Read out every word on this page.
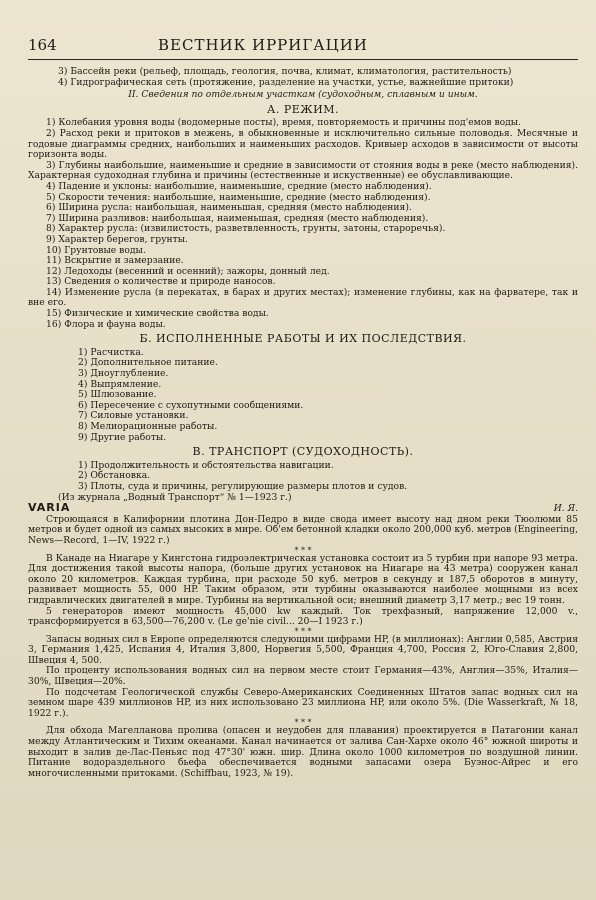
164	ВЕСТНИК ИРРИГАЦИИ

3) Бассейн реки (рельеф, площадь, геология, почва, климат, климатология, растительность)

4) Гидрографическая сеть (протяжение, разделение на участки, устье, важнейшие притоки)

II. Сведения по отдельным участкам (судоходным, сплавным и иным.

А. РЕЖИМ.

1) Колебания уровня воды (водомерные посты), время, повторяемость и причины под'емов воды.

2) Расход реки и притоков в межень, в обыкновенные и исключительно сильные половодья. Месячные и годовые диаграммы средних, наибольших и наименьших расходов. Кривыер асходов в зависимости от высоты горизонта воды.

3) Глубины наибольшие, наименьшие и средние в зависимости от стояния воды в реке (место наблюдения). Характерная судоходная глубина и причины (естественные и искуственные) ее обуславливающие.

4) Падение и уклоны: наибольшие, наименьшие, средние (место наблюдения).

5) Скорости течения: наибольшие, наименьшие, средние (место наблюдения).

6) Ширина русла: наибольшая, наименьшая, средняя (место наблюдения).

7) Ширина разливов: наибольшая, наименьшая, средняя (место наблюдения).

8) Характер русла: (извилистость, разветвленность, грунты, затоны, староречья).

9) Характер берегов, грунты.

10) Грунтовые воды.

11) Вскрытие и замерзание.

12) Ледоходы (весенний и осенний); зажоры, донный лед.

13) Сведения о количестве и природе наносов.

14) Изменение русла (в перекатах, в барах и других местах); изменение глубины, как на фарватере, так и вне его.

15) Физические и химические свойства воды.

16) Флора и фауна воды.

Б. ИСПОЛНЕННЫЕ РАБОТЫ И ИХ ПОСЛЕДСТВИЯ.

1) Расчистка.

2) Дополнительное питание.

3) Дноуглубление.

4) Выпрямление.

5) Шлюзование.

6) Пересечение с сухопутными сообщениями.

7) Силовые установки.

8) Мелиорационные работы.

9) Другие работы.

В. ТРАНСПОРТ (СУДОХОДНОСТЬ).

1) Продолжительность и обстоятельства навигации.

2) Обстановка.

3) Плоты, суда и причины, регулирующие размеры плотов и судов.

(Из журнала „Водный Транспорт“ № 1—1923 г.)

VARIA	И. Я.

Строющаяся в Калифорнии плотина Дон-Педро в виде свода имеет высоту над дном реки Тюолюми 85 метров и будет одной из самых высоких в мире. Об'ем бетонной кладки около 200,000 куб. метров (Engineering, News—Record, 1—IV, 1922 г.)

* * *

В Канаде на Ниагаре у Кингстона гидроэлектрическая установка состоит из 5 турбин при напоре 93 метра. Для достижения такой высоты напора, (больше других установок на Ниагаре на 43 метра) сооружен канал около 20 километров. Каждая турбина, при расходе 50 куб. метров в секунду и 187,5 оборотов в минуту, развивает мощность 55, 000 HP. Таким образом, эти турбины оказываются наиболее мощными из всех гидравлических двигателей в мире. Турбины на вертикальной оси; внешний диаметр 3,17 метр.; вес 19 тонн.

5 генераторов имеют мощность 45,000 kw каждый. Ток трехфазный, напряжение 12,000 v., трансформируется в 63,500—76,200 v. (Le ge'nie civil... 20—I 1923 г.)

* * *

Запасы водных сил в Европе определяются следующими цифрами HP, (в миллионах): Англии 0,585, Австрия 3, Германия 1,425, Испания 4, Италия 3,800, Норвегия 5,500, Франция 4,700, Россия 2, Юго-Славия 2,800, Швеция 4, 500.

По проценту использования водных сил на первом месте стоит Германия—43%, Англия—35%, Италия—30%, Швеция—20%.

По подсчетам Геологической службы Северо-Американских Соединенных Штатов запас водных сил на земном шаре 439 миллионов HP, из них использовано 23 миллиона HP, или около 5%. (Die Wasserkraft, № 18, 1922 г.).

* * *

Для обхода Магелланова пролива (опасен и неудобен для плавания) проектируется в Патагонии канал между Атлантическим и Тихим океанами. Канал начинается от залива Сан-Хархе около 46° южной широты и выходит в залив де-Лас-Пеньяс под 47°30' южн. шир. Длина около 1000 километров по воздушной линии. Питание водораздельного бьефа обеспечивается водными запасами озера Буэнос-Айрес и его многочисленными притоками. (Schiffbau, 1923, № 19).
